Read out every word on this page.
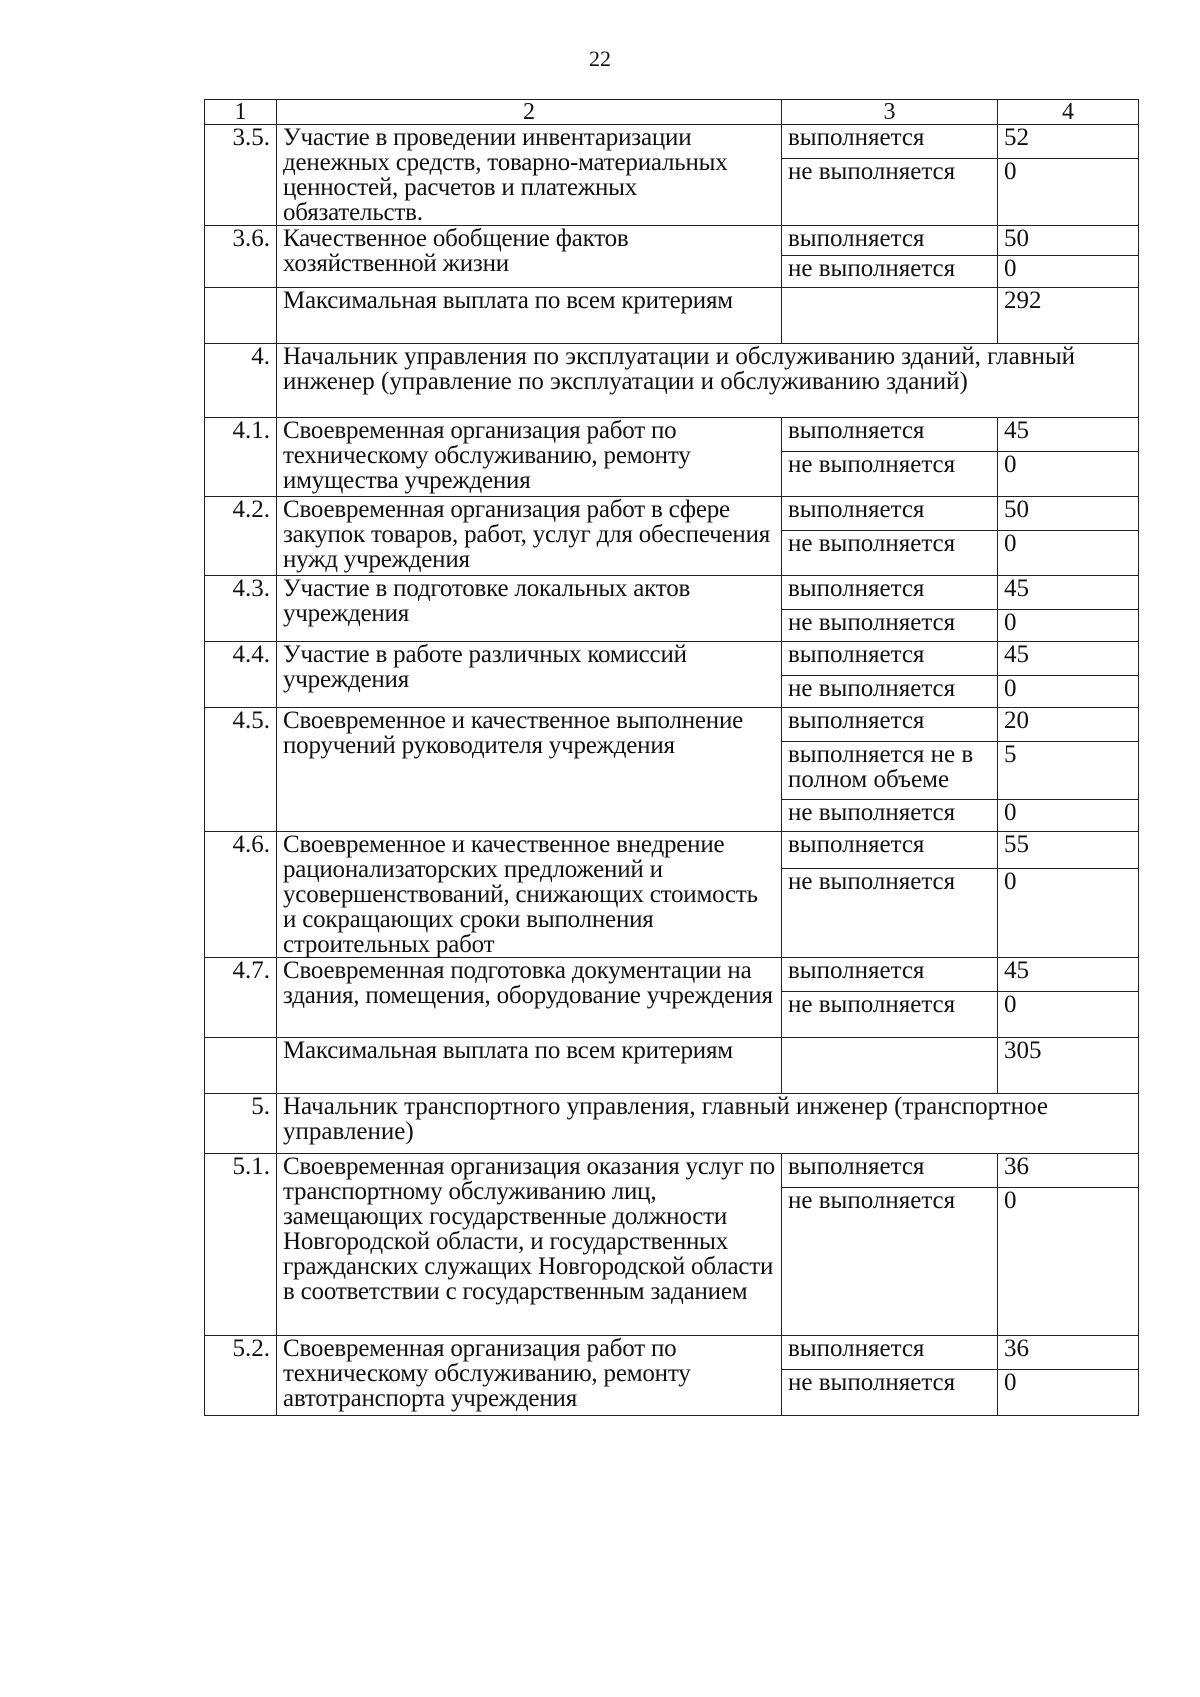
22
1	2	3	4
3.5.	Участие в проведении инвентаризации денежных средств, товарно-материальных ценностей, расчетов и платежных обязательств.	выполняется	52
		не выполняется	0
3.6.	Качественное обобщение фактов хозяйственной жизни	выполняется	50
		не выполняется	0
	Максимальная выплата по всем критериям		292
4.	Начальник управления по эксплуатации и обслуживанию зданий, главный инженер (управление по эксплуатации и обслуживанию зданий)		
4.1.	Своевременная организация работ по техническому обслуживанию, ремонту имущества учреждения	выполняется	45
		не выполняется	0
4.2.	Своевременная организация работ в сфере закупок товаров, работ, услуг для обеспечения нужд учреждения	выполняется	50
		не выполняется	0
4.3.	Участие в подготовке локальных актов учреждения	выполняется	45
		не выполняется	0
4.4.	Участие в работе различных комиссий учреждения	выполняется	45
		не выполняется	0
4.5.	Своевременное и качественное выполнение поручений руководителя учреждения	выполняется	20
		выполняется не в полном объеме	5
		не выполняется	0
4.6.	Своевременное и качественное внедрение рационализаторских предложений и усовершенствований, снижающих стоимость и сокращающих сроки выполнения строительных работ	выполняется	55
		не выполняется	0
4.7.	Своевременная подготовка документации на здания, помещения, оборудование учреждения	выполняется	45
		не выполняется	0
	Максимальная выплата по всем критериям		305
5.	Начальник транспортного управления, главный инженер (транспортное управление)		
5.1.	Своевременная организация оказания услуг по транспортному обслуживанию лиц, замещающих государственные должности Новгородской области, и государственных гражданских служащих Новгородской области в соответствии с государственным заданием	выполняется	36
		не выполняется	0
5.2.	Своевременная организация работ по техническому обслуживанию, ремонту автотранспорта учреждения	выполняется	36
		не выполняется	0
